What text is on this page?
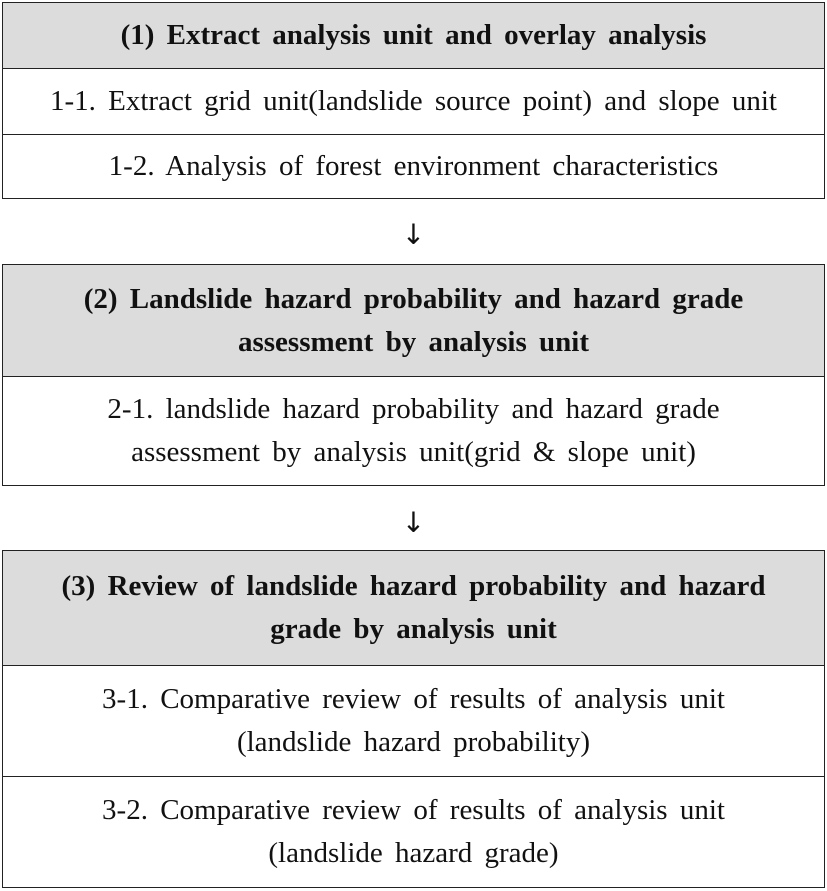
(1) Extract analysis unit and overlay analysis
1-1. Extract grid unit(landslide source point) and slope unit
1-2. Analysis of forest environment characteristics
↓
(2) Landslide hazard probability and hazard grade
assessment by analysis unit
2-1. landslide hazard probability and hazard grade
assessment by analysis unit(grid & slope unit)
↓
(3) Review of landslide hazard probability and hazard
grade by analysis unit
3-1. Comparative review of results of analysis unit
(landslide hazard probability)
3-2. Comparative review of results of analysis unit
(landslide hazard grade)
